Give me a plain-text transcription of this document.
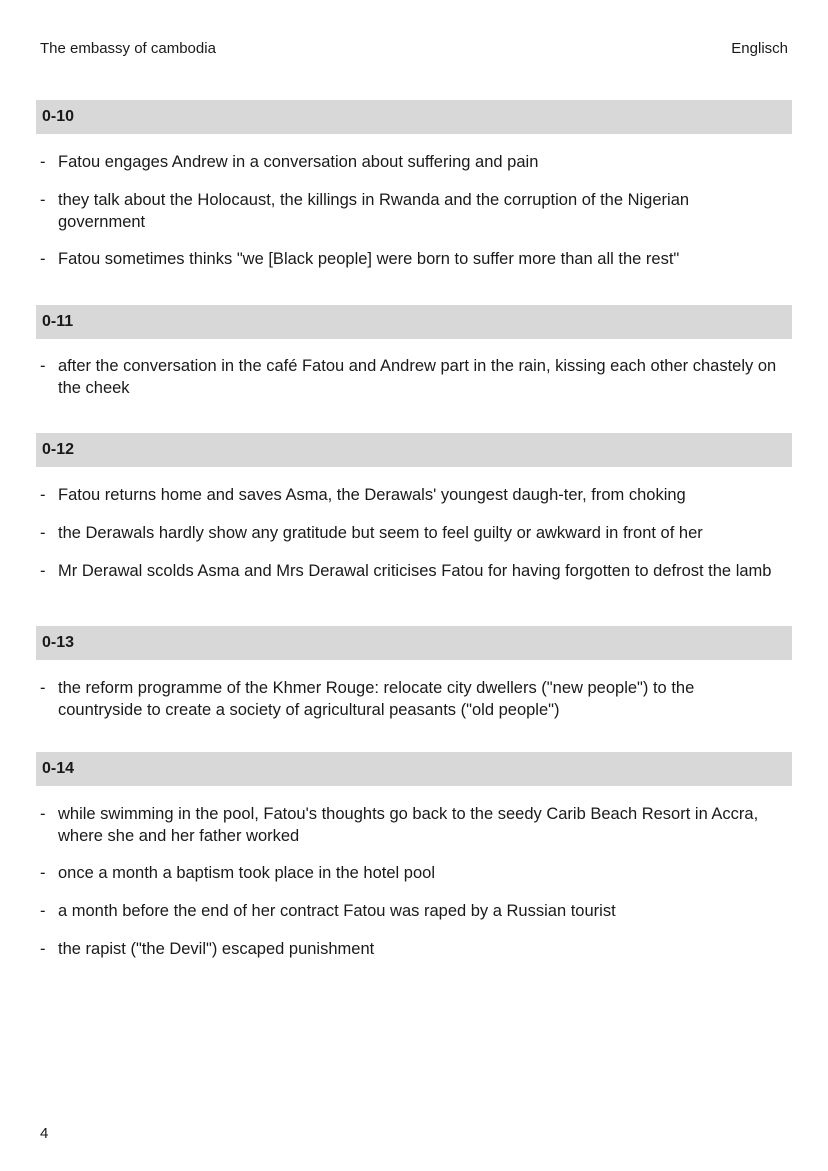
The embassy of cambodia	Englisch
0-10
- Fatou engages Andrew in a conversation about suffering and pain
- they talk about the Holocaust, the killings in Rwanda and the corruption of the Nigerian government
- Fatou sometimes thinks "we [Black people] were born to suffer more than all the rest"
0-11
- after the conversation in the café Fatou and Andrew part in the rain, kissing each other chastely on the cheek
0-12
- Fatou returns home and saves Asma, the Derawals' youngest daugh-ter, from choking
- the Derawals hardly show any gratitude but seem to feel guilty or awkward in front of her
- Mr Derawal scolds Asma and Mrs Derawal criticises Fatou for having forgotten to defrost the lamb
0-13
- the reform programme of the Khmer Rouge: relocate city dwellers ("new people") to the countryside to create a society of agricultural peasants ("old people")
0-14
- while swimming in the pool, Fatou's thoughts go back to the seedy Carib Beach Resort in Accra, where she and her father worked
- once a month a baptism took place in the hotel pool
- a month before the end of her contract Fatou was raped by a Russian tourist
- the rapist ("the Devil") escaped punishment
4
